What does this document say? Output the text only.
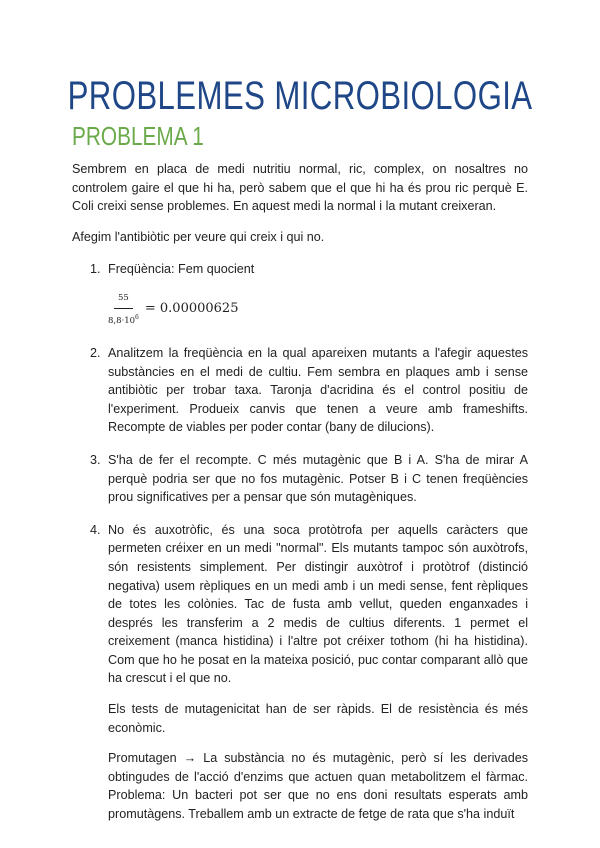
PROBLEMES MICROBIOLOGIA
PROBLEMA 1

Sembrem en placa de medi nutritiu normal, ric, complex, on nosaltres no controlem gaire el que hi ha, però sabem que el que hi ha és prou ric perquè E. Coli creixi sense problemes. En aquest medi la normal i la mutant creixeran.

Afegim l'antibiòtic per veure qui creix i qui no.

1. Freqüència: Fem quocient

$\frac{55}{8,8\cdot 10^6} = 0.00000625$
2. Analitzem la freqüència en la qual apareixen mutants a l'afegir aquestes substàncies en el medi de cultiu. Fem sembra en plaques amb i sense antibiòtic per trobar taxa. Taronja d'acridina és el control positiu de l'experiment. Produeix canvis que tenen a veure amb frameshifts. Recompte de viables per poder contar (bany de dilucions).

3. S'ha de fer el recompte. C més mutagènic que B i A. S'ha de mirar A perquè podria ser que no fos mutagènic. Potser B i C tenen freqüències prou significatives per a pensar que són mutagèniques.

4. No és auxotròfic, és una soca protòtrofa per aquells caràcters que permeten créixer en un medi "normal". Els mutants tampoc són auxòtrofs, són resistents simplement. Per distingir auxòtrof i protòtrof (distinció negativa) usem rèpliques en un medi amb i un medi sense, fent rèpliques de totes les colònies. Tac de fusta amb vellut, queden enganxades i després les transferim a 2 medis de cultius diferents. 1 permet el creixement (manca histidina) i l'altre pot créixer tothom (hi ha histidina). Com que ho he posat en la mateixa posició, puc contar comparant allò que ha crescut i el que no.

Els tests de mutagenicitat han de ser ràpids. El de resistència és més econòmic.

Promutagen → La substància no és mutagènic, però sí les derivades obtingudes de l'acció d'enzims que actuen quan metabolitzem el fàrmac. Problema: Un bacteri pot ser que no ens doni resultats esperats amb promutàgens. Treballem amb un extracte de fetge de rata que s'ha induït
